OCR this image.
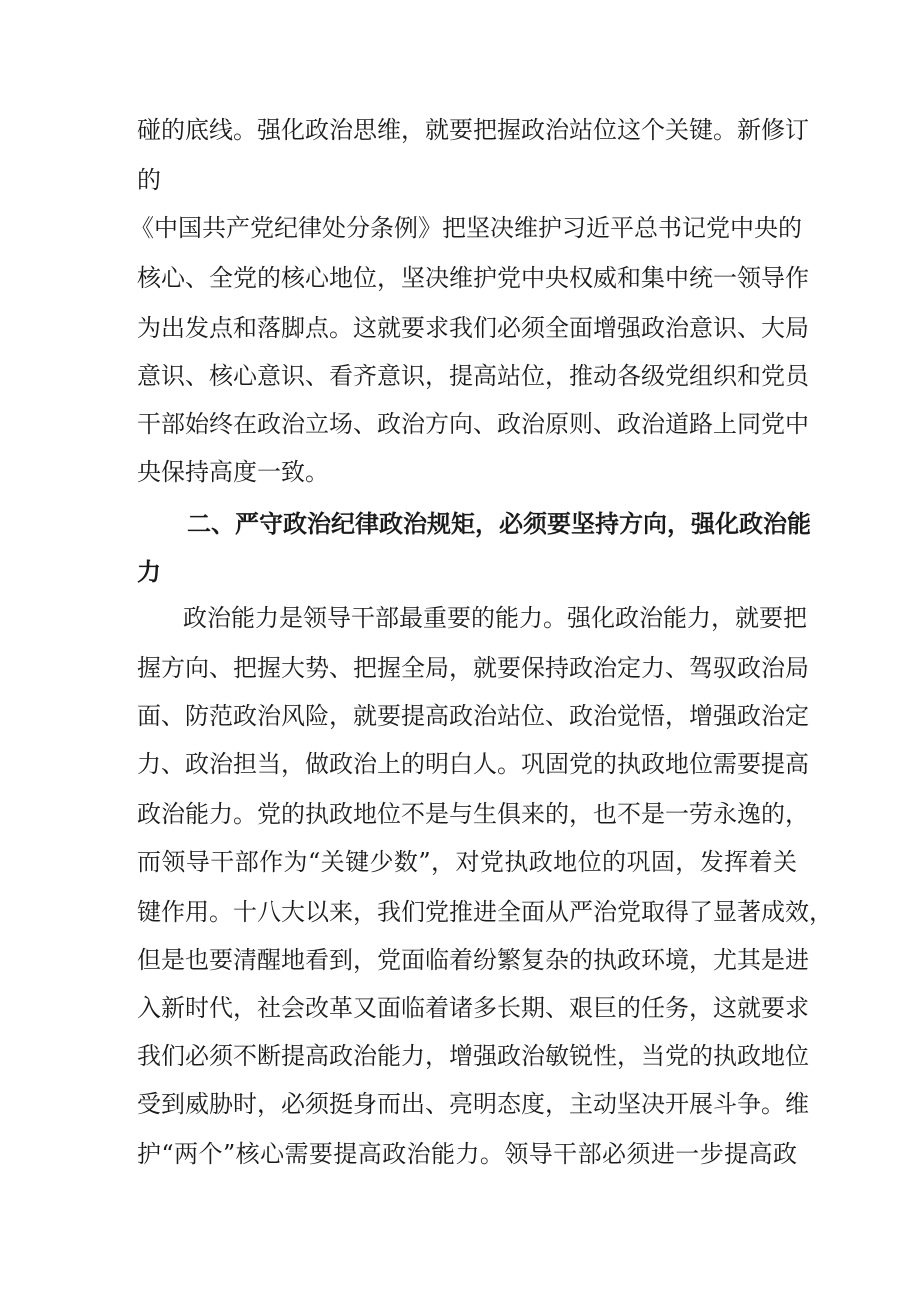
碰的底线。强化政治思维，就要把握政治站位这个关键。新修订
的
《中国共产党纪律处分条例》把坚决维护习近平总书记党中央的
核心、全党的核心地位，坚决维护党中央权威和集中统一领导作
为出发点和落脚点。这就要求我们必须全面增强政治意识、大局
意识、核心意识、看齐意识，提高站位，推动各级党组织和党员
干部始终在政治立场、政治方向、政治原则、政治道路上同党中
央保持高度一致。
二、严守政治纪律政治规矩，必须要坚持方向，强化政治能
力
政治能力是领导干部最重要的能力。强化政治能力，就要把
握方向、把握大势、把握全局，就要保持政治定力、驾驭政治局
面、防范政治风险，就要提高政治站位、政治觉悟，增强政治定
力、政治担当，做政治上的明白人。巩固党的执政地位需要提高
政治能力。党的执政地位不是与生俱来的，也不是一劳永逸的，
而领导干部作为“关键少数”，对党执政地位的巩固，发挥着关
键作用。十八大以来，我们党推进全面从严治党取得了显著成效，
但是也要清醒地看到，党面临着纷繁复杂的执政环境，尤其是进
入新时代，社会改革又面临着诸多长期、艰巨的任务，这就要求
我们必须不断提高政治能力，增强政治敏锐性，当党的执政地位
受到威胁时，必须挺身而出、亮明态度，主动坚决开展斗争。维
护“两个”核心需要提高政治能力。领导干部必须进一步提高政
